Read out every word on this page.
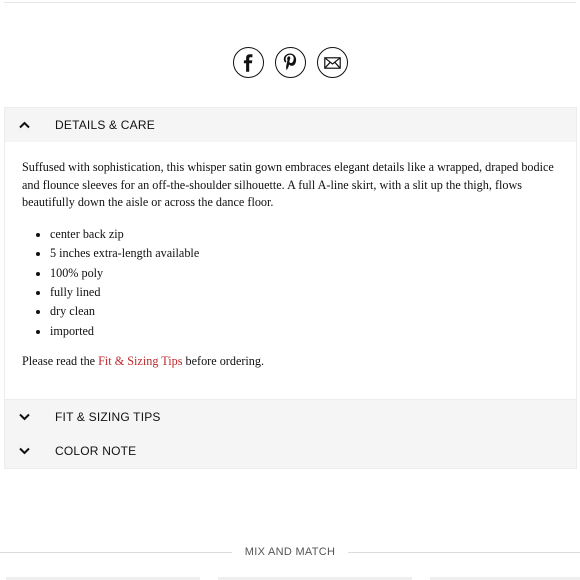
DETAILS & CARE

Suffused with sophistication, this whisper satin gown embraces elegant details like a wrapped, draped bodice and flounce sleeves for an off-the-shoulder silhouette. A full A-line skirt, with a slit up the thigh, flows beautifully down the aisle or across the dance floor.

• center back zip
• 5 inches extra-length available
• 100% poly
• fully lined
• dry clean
• imported

Please read the Fit & Sizing Tips before ordering.

FIT & SIZING TIPS
COLOR NOTE
MIX AND MATCH
